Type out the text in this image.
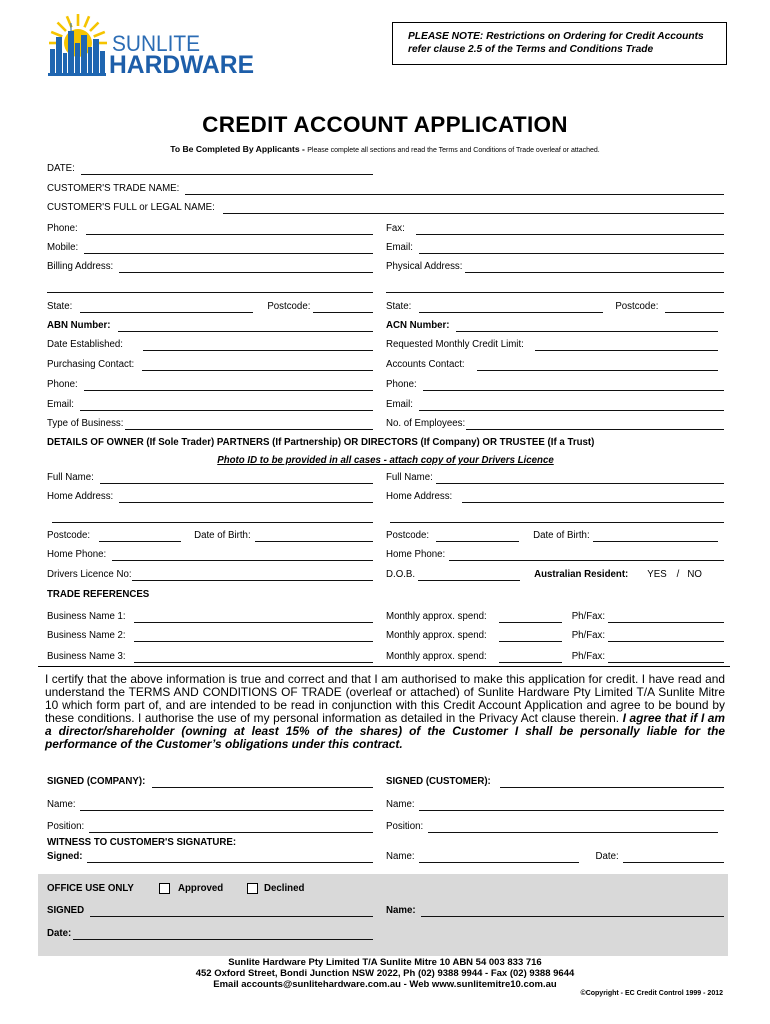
SUNLITE
HARDWARE
PLEASE NOTE: Restrictions on Ordering for Credit Accounts
refer clause 2.5 of the Terms and Conditions Trade
CREDIT ACCOUNT APPLICATION
To Be Completed By Applicants - Please complete all sections and read the Terms and Conditions of Trade overleaf or attached.
DATE:
CUSTOMER'S TRADE NAME:
CUSTOMER'S FULL or LEGAL NAME:
Phone:	Fax:
Mobile:	Email:
Billing Address:	Physical Address:
State:	Postcode:	State:	Postcode:
ABN Number:	ACN Number:
Date Established:	Requested Monthly Credit Limit:
Purchasing Contact:	Accounts Contact:
Phone:	Phone:
Email:	Email:
Type of Business:	No. of Employees:
DETAILS OF OWNER (If Sole Trader) PARTNERS (If Partnership) OR DIRECTORS (If Company) OR TRUSTEE (If a Trust)
Photo ID to be provided in all cases - attach copy of your Drivers Licence
Full Name:	Full Name:
Home Address:	Home Address:
Postcode:	Date of Birth:	Postcode:	Date of Birth:
Home Phone:	Home Phone:
Drivers Licence No:	D.O.B.	Australian Resident: YES / NO
TRADE REFERENCES
Business Name 1:	Monthly approx. spend:	Ph/Fax:
Business Name 2:	Monthly approx. spend:	Ph/Fax:
Business Name 3:	Monthly approx. spend:	Ph/Fax:

I certify that the above information is true and correct and that I am authorised to make this application for credit. I have read and understand the TERMS AND CONDITIONS OF TRADE (overleaf or attached) of Sunlite Hardware Pty Limited T/A Sunlite Mitre 10 which form part of, and are intended to be read in conjunction with this Credit Account Application and agree to be bound by these conditions. I authorise the use of my personal information as detailed in the Privacy Act clause therein. I agree that if I am a director/shareholder (owning at least 15% of the shares) of the Customer I shall be personally liable for the performance of the Customer’s obligations under this contract.

SIGNED (COMPANY):	SIGNED (CUSTOMER):
Name:	Name:
Position:	Position:
WITNESS TO CUSTOMER'S SIGNATURE:
Signed:	Name:	Date:
OFFICE USE ONLY	Approved	Declined
SIGNED	Name:
Date:
Sunlite Hardware Pty Limited T/A Sunlite Mitre 10 ABN 54 003 833 716
452 Oxford Street, Bondi Junction NSW 2022, Ph (02) 9388 9944 - Fax (02) 9388 9644
Email accounts@sunlitehardware.com.au - Web www.sunlitemitre10.com.au
©Copyright - EC Credit Control 1999 - 2012
